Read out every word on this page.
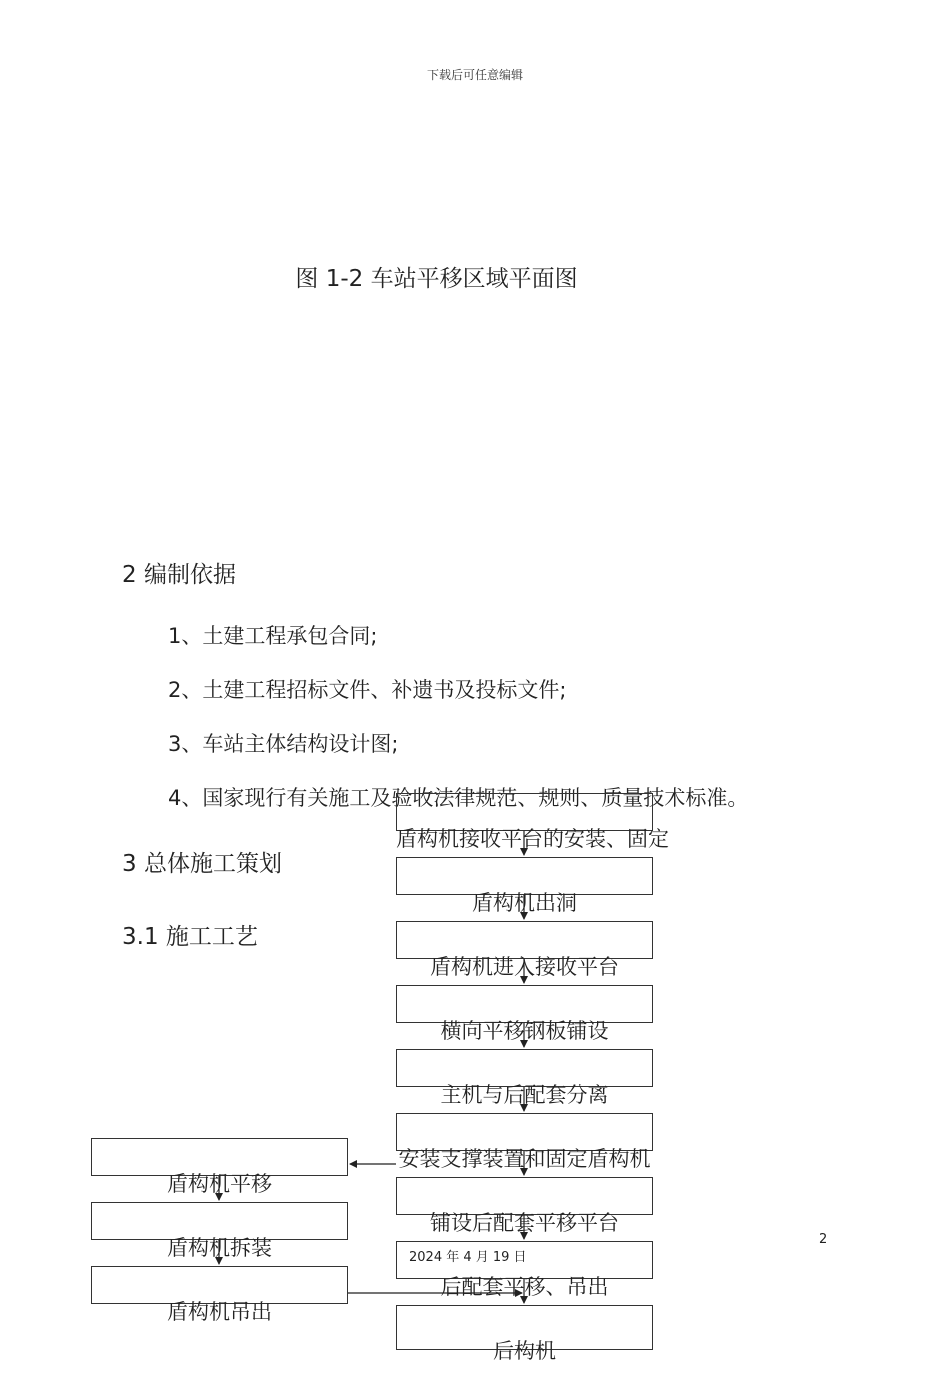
下载后可任意编辑
图 1-2 车站平移区域平面图
2 编制依据
1、土建工程承包合同;
2、土建工程招标文件、补遗书及投标文件;
3、车站主体结构设计图;
4、国家现行有关施工及验收法律规范、规则、质量技术标准。
3 总体施工策划
3.1 施工工艺
盾构机接收平台的安装、固定
盾构机出洞
盾构机进入接收平台
横向平移钢板铺设
主机与后配套分离
安装支撑装置和固定盾构机
铺设后配套平移平台
后配套平移、吊出
后构机
盾构机平移
盾构机拆装
盾构机吊出
2024 年 4 月 19 日
2
